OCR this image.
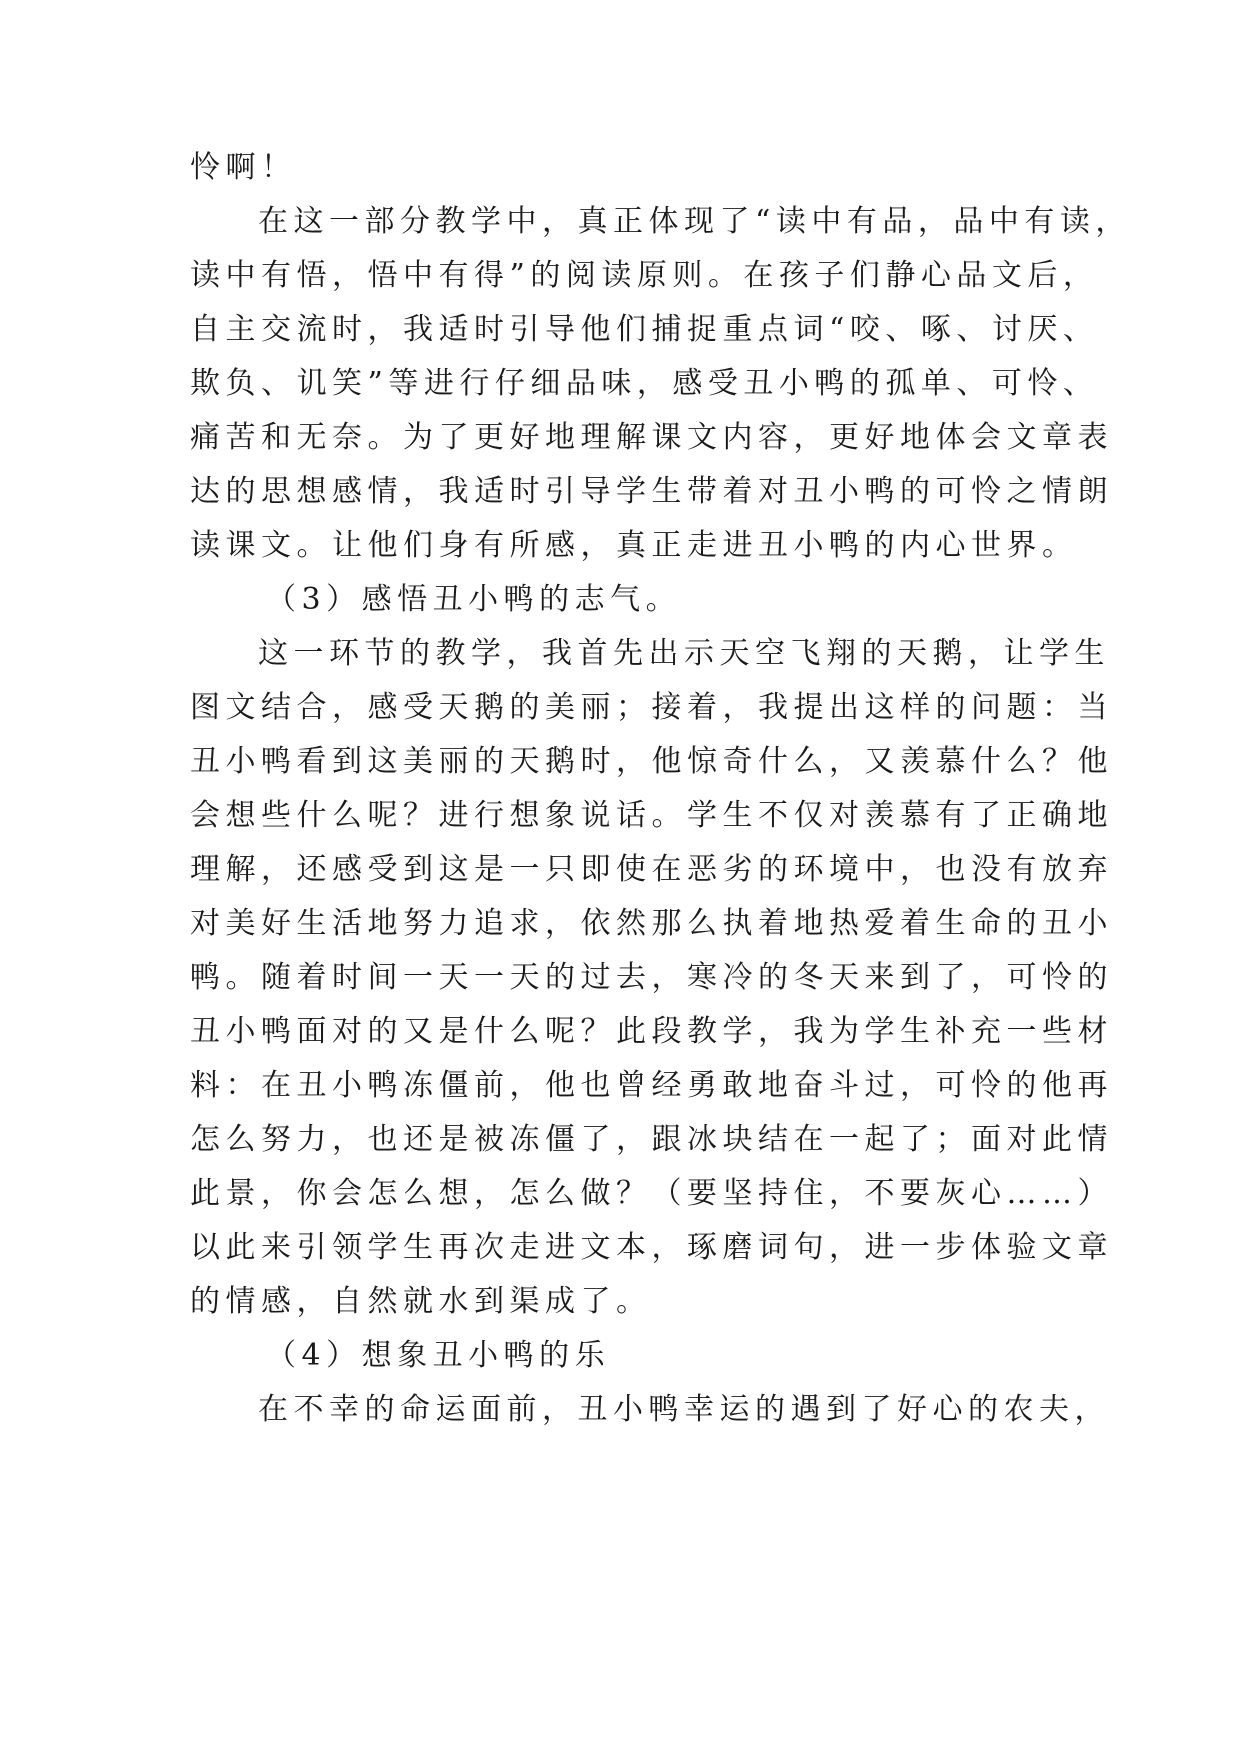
怜啊！
在这一部分教学中，真正体现了“读中有品，品中有读，
读中有悟，悟中有得”的阅读原则。在孩子们静心品文后，
自主交流时，我适时引导他们捕捉重点词“咬、啄、讨厌、
欺负、讥笑”等进行仔细品味，感受丑小鸭的孤单、可怜、
痛苦和无奈。为了更好地理解课文内容，更好地体会文章表
达的思想感情，我适时引导学生带着对丑小鸭的可怜之情朗
读课文。让他们身有所感，真正走进丑小鸭的内心世界。
（3）感悟丑小鸭的志气。
这一环节的教学，我首先出示天空飞翔的天鹅，让学生
图文结合，感受天鹅的美丽；接着，我提出这样的问题：当
丑小鸭看到这美丽的天鹅时，他惊奇什么，又羡慕什么？他
会想些什么呢？进行想象说话。学生不仅对羡慕有了正确地
理解，还感受到这是一只即使在恶劣的环境中，也没有放弃
对美好生活地努力追求，依然那么执着地热爱着生命的丑小
鸭。随着时间一天一天的过去，寒冷的冬天来到了，可怜的
丑小鸭面对的又是什么呢？此段教学，我为学生补充一些材
料：在丑小鸭冻僵前，他也曾经勇敢地奋斗过，可怜的他再
怎么努力，也还是被冻僵了，跟冰块结在一起了；面对此情
此景，你会怎么想，怎么做？（要坚持住，不要灰心……）
以此来引领学生再次走进文本，琢磨词句，进一步体验文章
的情感，自然就水到渠成了。
（4）想象丑小鸭的乐
在不幸的命运面前，丑小鸭幸运的遇到了好心的农夫，
